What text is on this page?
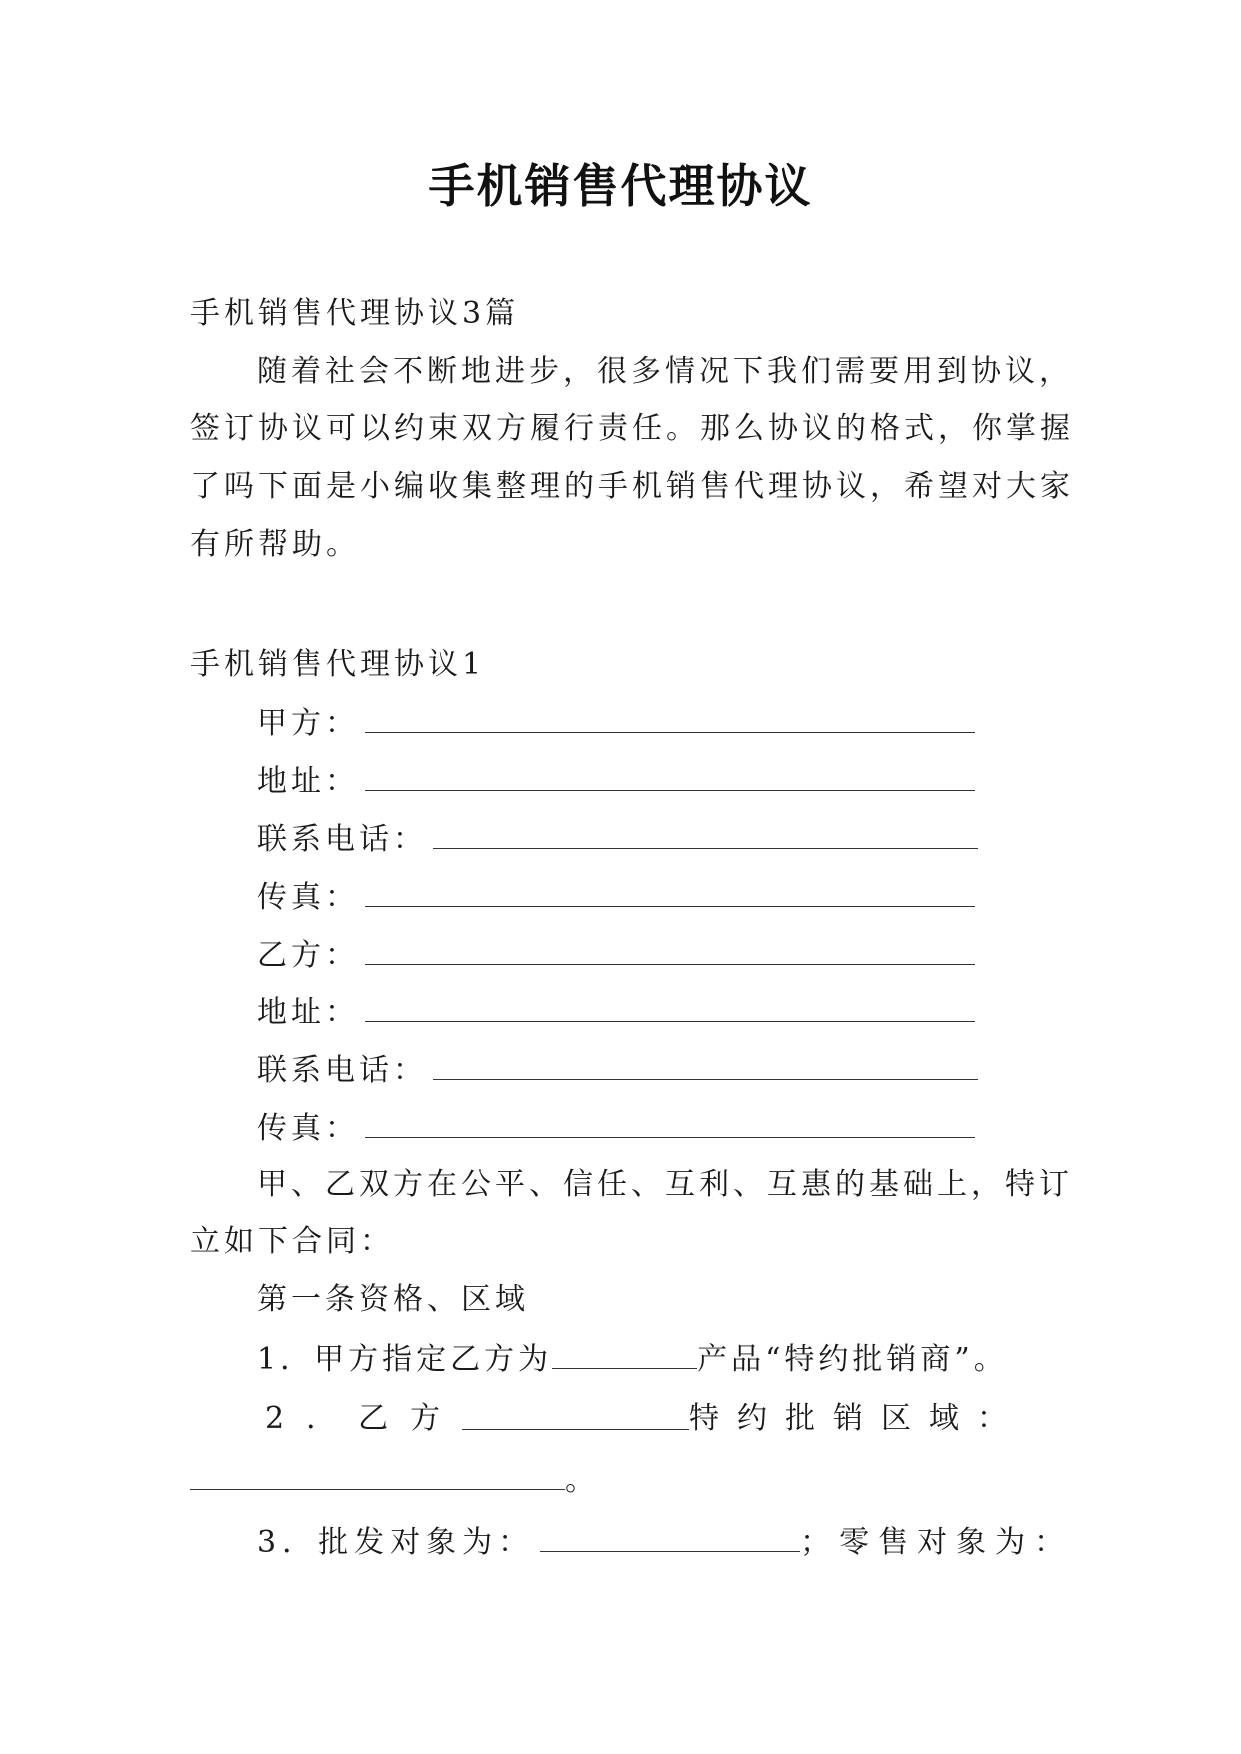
手机销售代理协议
手机销售代理协议3篇
随着社会不断地进步，很多情况下我们需要用到协议，
签订协议可以约束双方履行责任。那么协议的格式，你掌握
了吗下面是小编收集整理的手机销售代理协议，希望对大家
有所帮助。
手机销售代理协议1
甲方：
地址：
联系电话：
传真：
乙方：
地址：
联系电话：
传真：
甲、乙双方在公平、信任、互利、互惠的基础上，特订
立如下合同：
第一条资格、区域
1．甲方指定乙方为	产品“特约批销商”。
2．乙方	特约批销区域：
。
3．批发对象为：	；零售对象为：
